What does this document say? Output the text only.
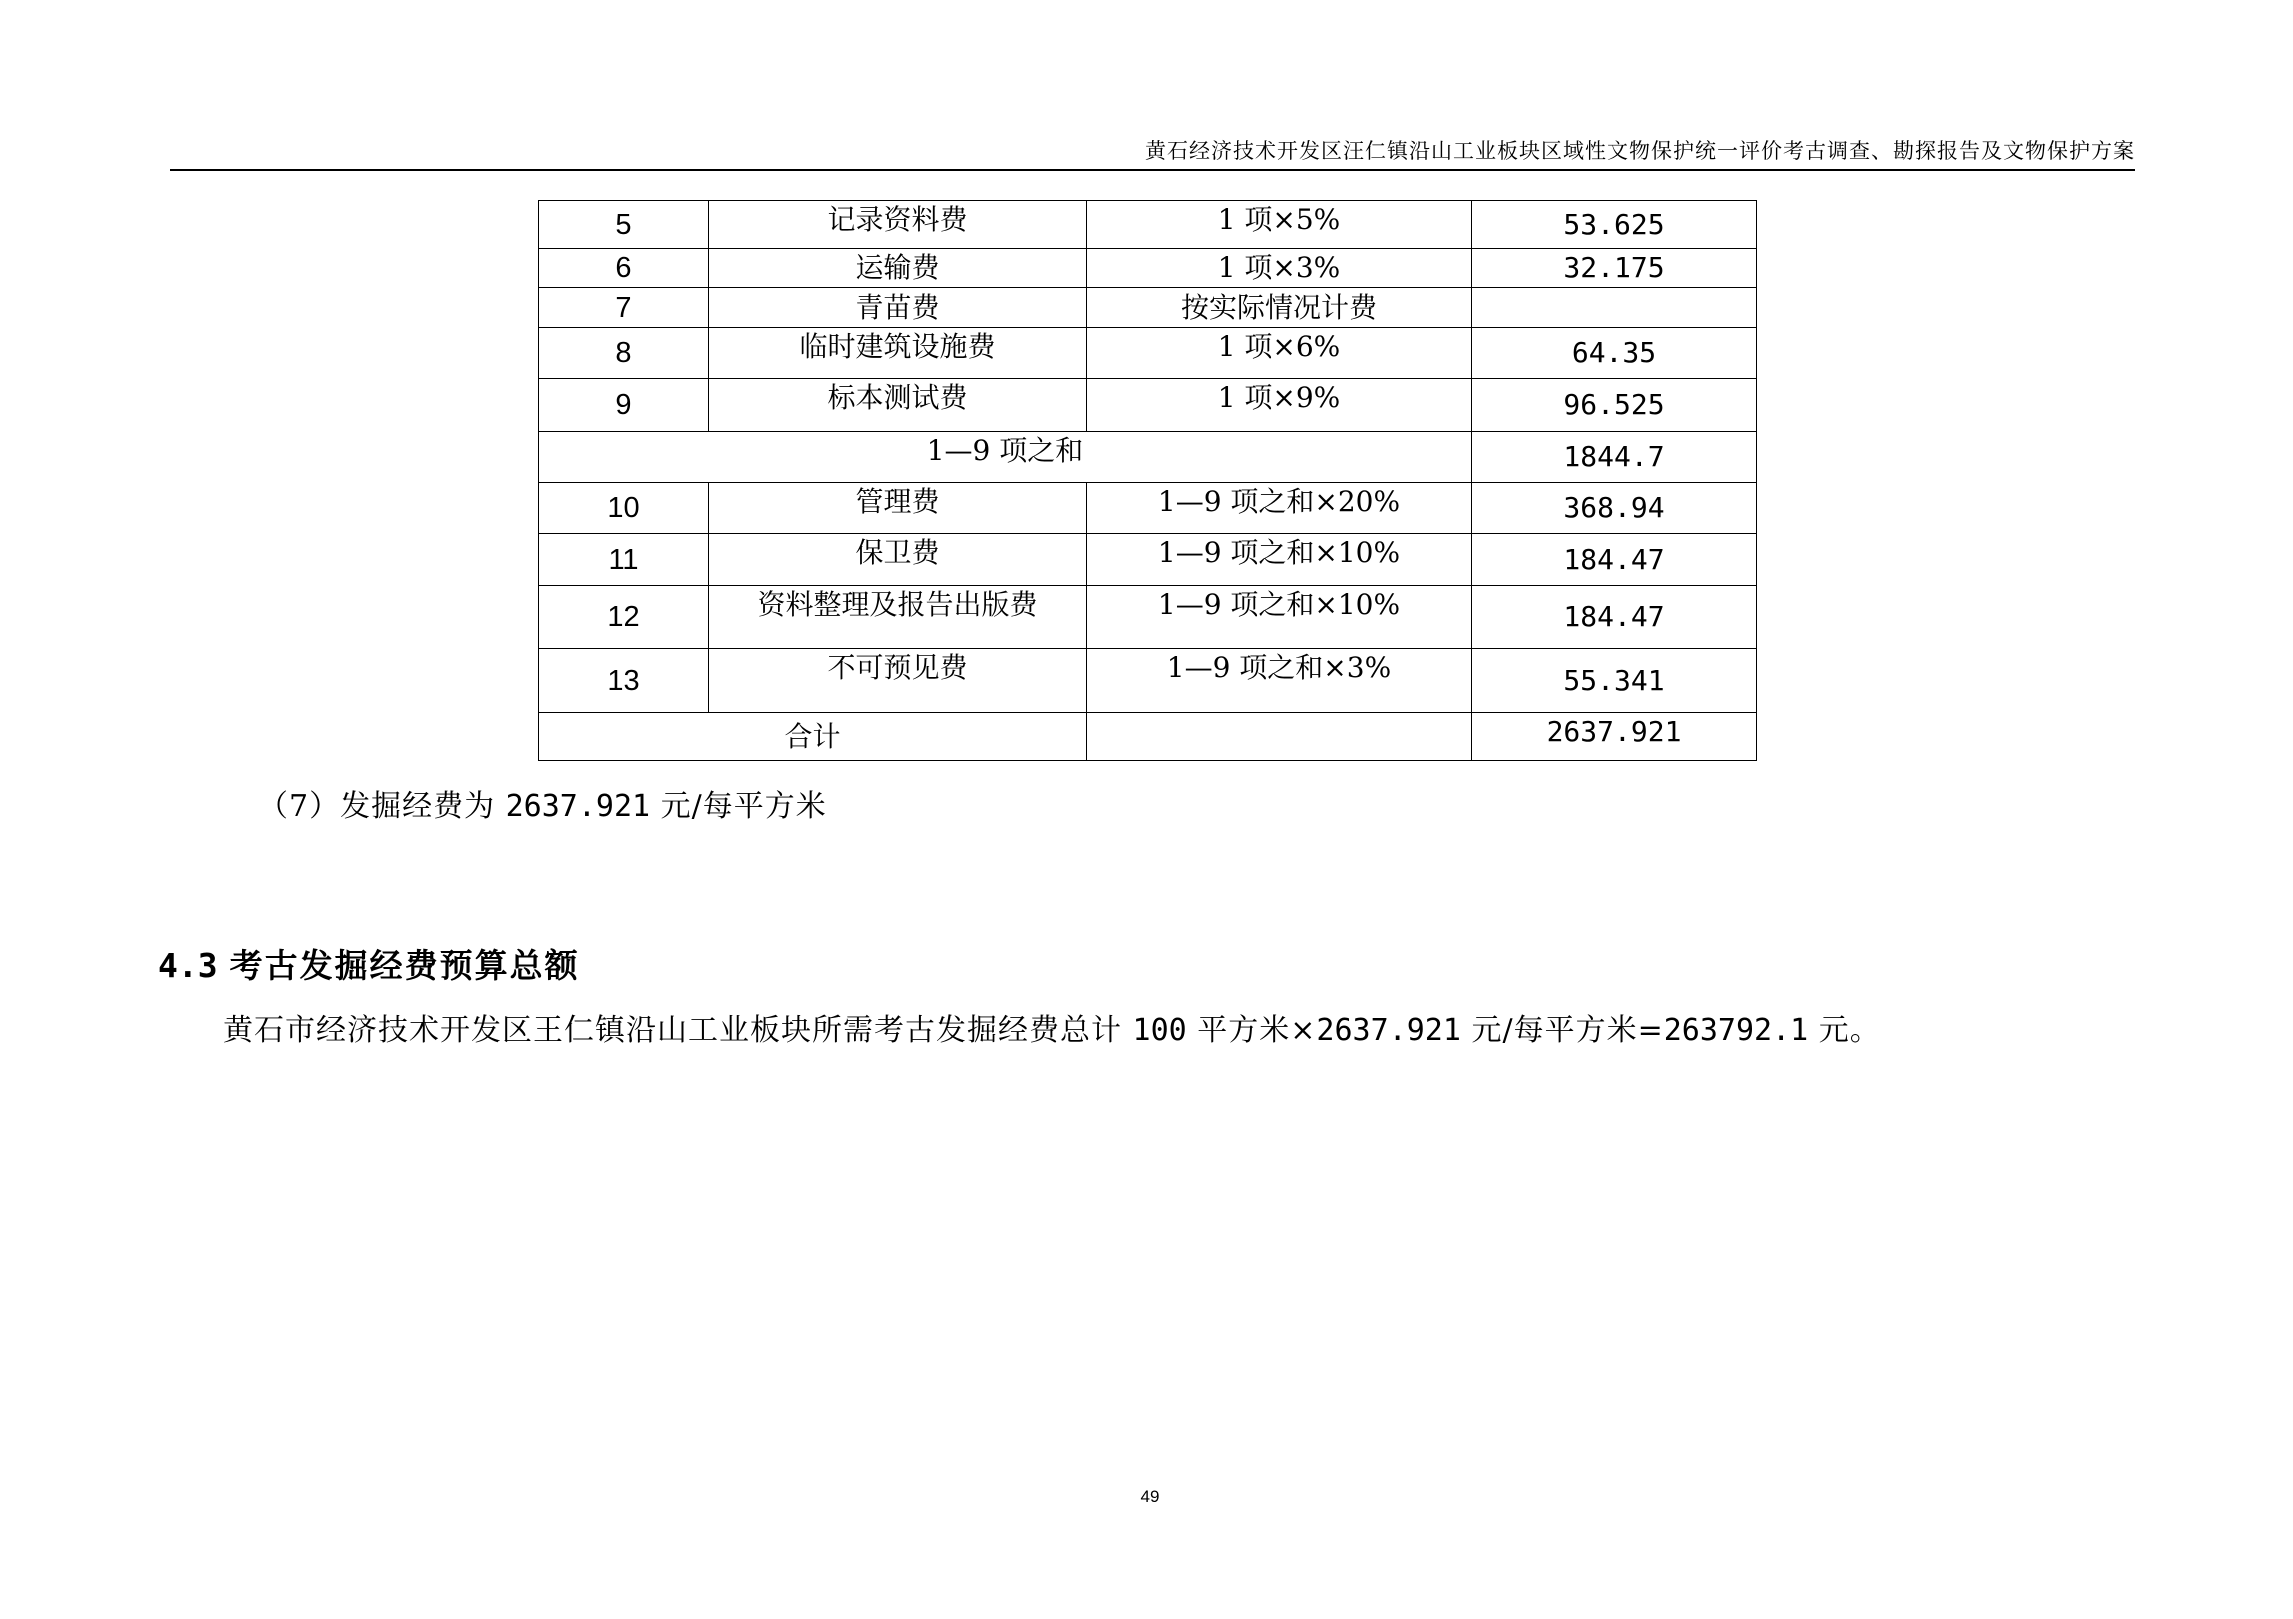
黄石经济技术开发区汪仁镇沿山工业板块区域性文物保护统一评价考古调查、勘探报告及文物保护方案
5	记录资料费	1 项×5%	53.625
6	运输费	1 项×3%	32.175
7	青苗费	按实际情况计费	
8	临时建筑设施费	1 项×6%	64.35
9	标本测试费	1 项×9%	96.525
1—9 项之和			1844.7
10	管理费	1—9 项之和×20%	368.94
11	保卫费	1—9 项之和×10%	184.47
12	资料整理及报告出版费	1—9 项之和×10%	184.47
13	不可预见费	1—9 项之和×3%	55.341
合计			2637.921
（7）发掘经费为 2637.921 元/每平方米
4.3 考古发掘经费预算总额
黄石市经济技术开发区王仁镇沿山工业板块所需考古发掘经费总计 100 平方米×2637.921 元/每平方米=263792.1 元。
49
